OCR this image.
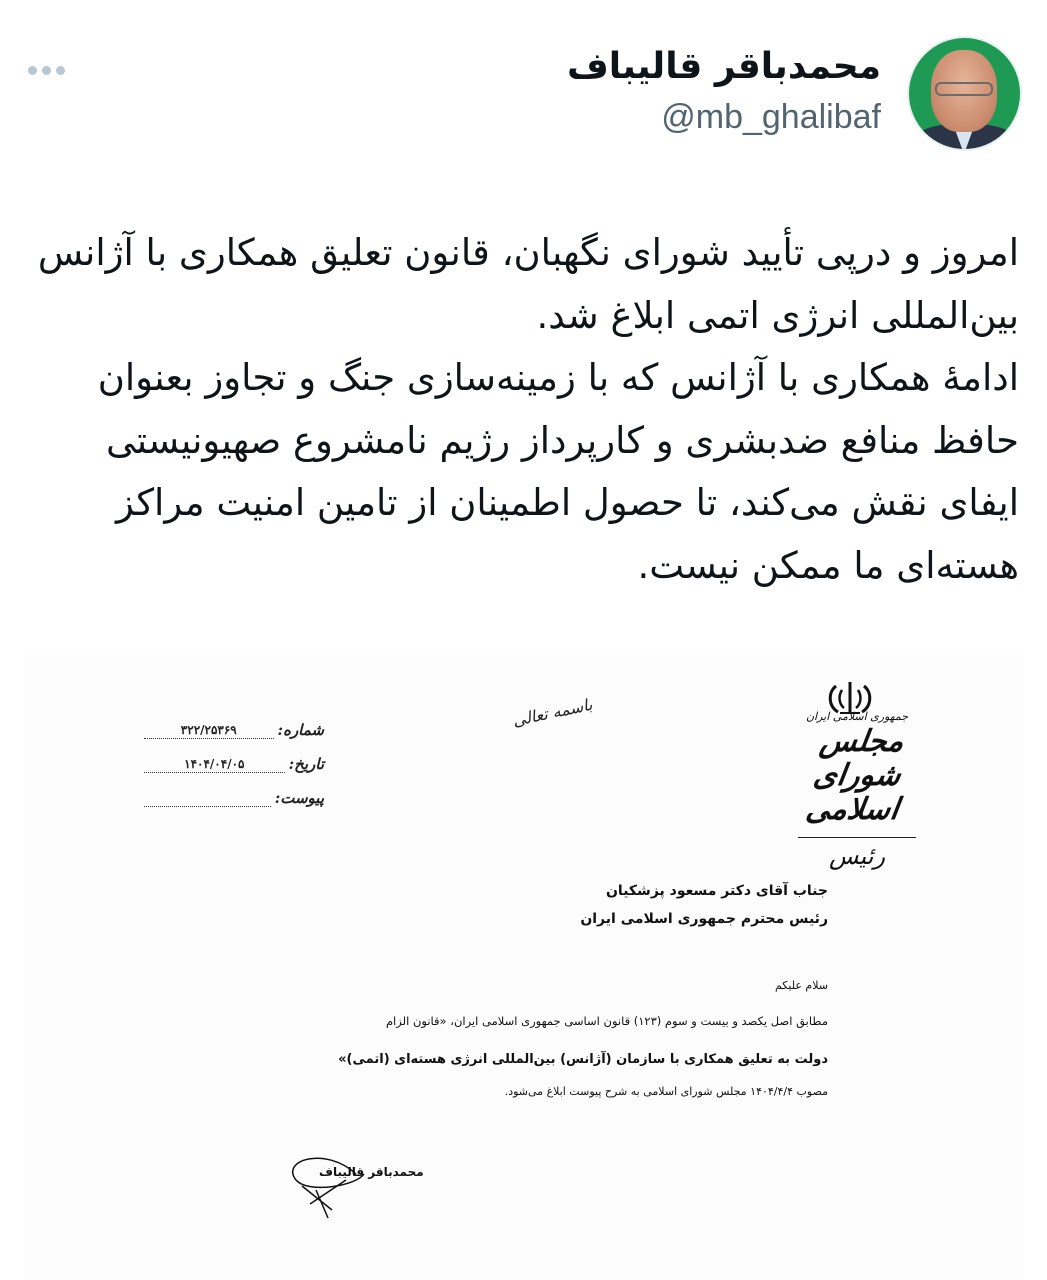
محمدباقر قالیباف
@mb_ghalibaf

امروز و درپی تأیید شورای نگهبان، قانون تعلیق همکاری با آژانس بین‌المللی انرژی اتمی ابلاغ شد.

ادامهٔ همکاری با آژانس که با زمینه‌سازی جنگ و تجاوز بعنوان حافظ منافع ضدبشری و کارپرداز رژیم نامشروع صهیونیستی ایفای نقش می‌کند، تا حصول اطمینان از تامین امنیت مراکز هسته‌ای ما ممکن نیست.

شماره:
۳۲۲/۲۵۳۶۹
تاریخ:
۱۴۰۴/۰۴/۰۵
پیوست:

باسمه تعالی	جمهوری اسلامی ایران
مجلس شورای اسلامی
رئیس
جناب آقای دکتر مسعود پزشکیان
رئیس محترم جمهوری اسلامی ایران
سلام علیکم
مطابق اصل یکصد و بیست و سوم (۱۲۳) قانون اساسی جمهوری اسلامی ایران، «قانون الزام
دولت به تعلیق همکاری با سازمان (آژانس) بین‌المللی انرژی هسته‌ای (اتمی)»
مصوب ۱۴۰۴/۴/۴ مجلس شورای اسلامی به شرح پیوست ابلاغ می‌شود.
محمدباقر قالیباف
